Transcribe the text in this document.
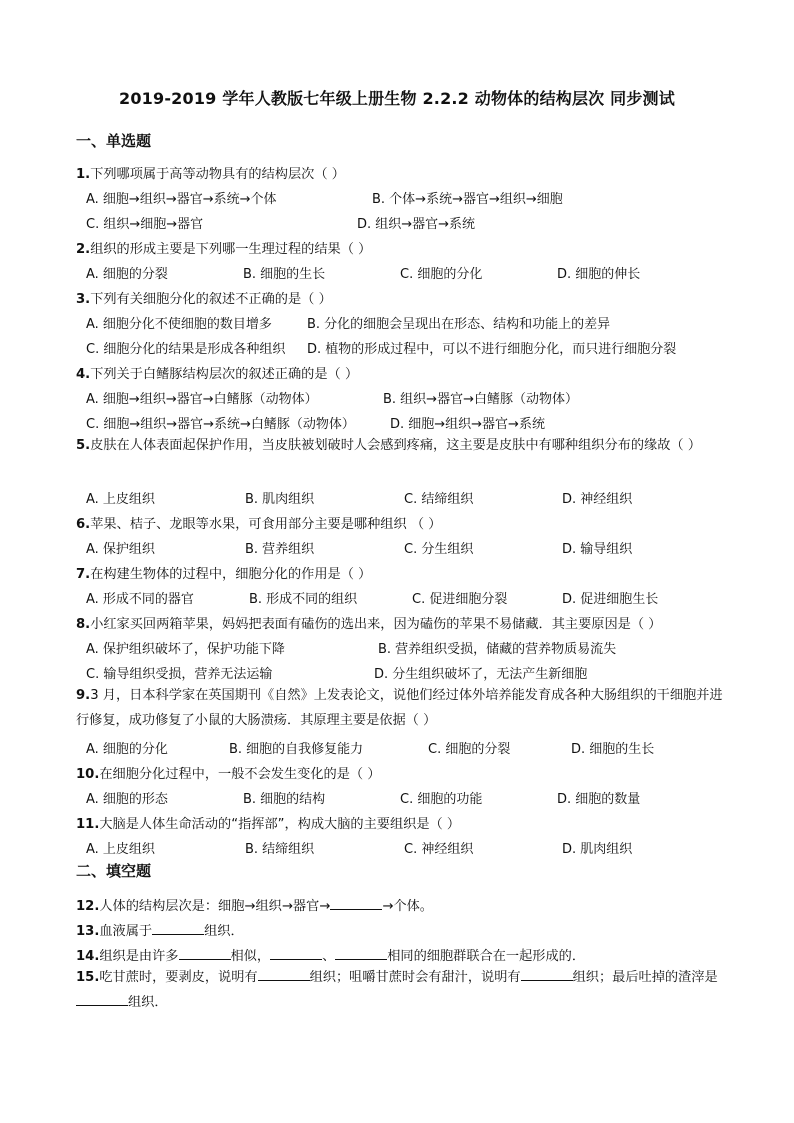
2019-2019 学年人教版七年级上册生物 2.2.2 动物体的结构层次 同步测试
一、单选题
1.下列哪项属于高等动物具有的结构层次（ ）
A. 细胞→组织→器官→系统→个体	B. 个体→系统→器官→组织→细胞
C. 组织→细胞→器官	D. 组织→器官→系统
2.组织的形成主要是下列哪一生理过程的结果（ ）
A. 细胞的分裂	B. 细胞的生长	C. 细胞的分化	D. 细胞的伸长
3.下列有关细胞分化的叙述不正确的是（ ）
A. 细胞分化不使细胞的数目增多	B. 分化的细胞会呈现出在形态、结构和功能上的差异
C. 细胞分化的结果是形成各种组织 D. 植物的形成过程中，可以不进行细胞分化，而只进行细胞分裂
4.下列关于白鳍豚结构层次的叙述正确的是（ ）
A. 细胞→组织→器官→白鳍豚（动物体）	B. 组织→器官→白鳍豚（动物体）
C. 细胞→组织→器官→系统→白鳍豚（动物体）	D. 细胞→组织→器官→系统
5.皮肤在人体表面起保护作用，当皮肤被划破时人会感到疼痛，这主要是皮肤中有哪种组织分布的缘故（ ）
A. 上皮组织	B. 肌肉组织	C. 结缔组织	D. 神经组织
6.苹果、桔子、龙眼等水果，可食用部分主要是哪种组织 （ ）
A. 保护组织	B. 营养组织	C. 分生组织	D. 输导组织
7.在构建生物体的过程中，细胞分化的作用是（ ）
A. 形成不同的器官	B. 形成不同的组织	C. 促进细胞分裂	D. 促进细胞生长
8.小红家买回两箱苹果，妈妈把表面有磕伤的选出来，因为磕伤的苹果不易储藏．其主要原因是（ ）
A. 保护组织破坏了，保护功能下降	B. 营养组织受损，储藏的营养物质易流失
C. 输导组织受损，营养无法运输	D. 分生组织破坏了，无法产生新细胞
9.3 月，日本科学家在英国期刊《自然》上发表论文，说他们经过体外培养能发育成各种大肠组织的干细胞并进行修复，成功修复了小鼠的大肠溃疡．其原理主要是依据（ ）
A. 细胞的分化	B. 细胞的自我修复能力	C. 细胞的分裂	D. 细胞的生长
10.在细胞分化过程中，一般不会发生变化的是（ ）
A. 细胞的形态	B. 细胞的结构	C. 细胞的功能	D. 细胞的数量
11.大脑是人体生命活动的“指挥部”，构成大脑的主要组织是（ ）
A. 上皮组织	B. 结缔组织	C. 神经组织	D. 肌肉组织
二、填空题
12.人体的结构层次是：细胞→组织→器官→	→个体。
13.血液属于	组织．
14.组织是由许多	相似，	、	相同的细胞群联合在一起形成的．
15.吃甘蔗时，要剥皮，说明有	组织；咀嚼甘蔗时会有甜汁，说明有	组织；最后吐掉的渣滓是组织．
